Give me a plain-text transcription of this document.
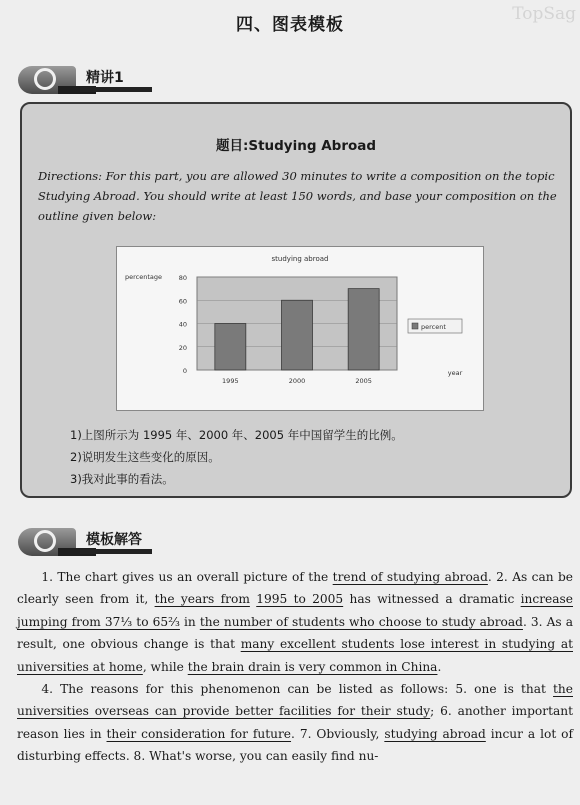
四、图表模板
TopSag
精讲1
题目:Studying Abroad
Directions: For this part, you are allowed 30 minutes to write a composition on the topic Studying Abroad. You should write at least 150 words, and base your composition on the outline given below:
0
20
40
60
80
studying abroad
percentage
year
1995	2000	2005
percent
1)上图所示为 1995 年、2000 年、2005 年中国留学生的比例。
2)说明发生这些变化的原因。
3)我对此事的看法。
模板解答

1. The chart gives us an overall picture of the trend of studying abroad. 2. As can be clearly seen from it, the years from 1995 to 2005 has witnessed a dramatic increase jumping from 37⅓ to 65⅔ in the number of students who choose to study abroad. 3. As a result, one obvious change is that many excellent students lose interest in studying at universities at home, while the brain drain is very common in China.

4. The reasons for this phenomenon can be listed as follows: 5. one is that the universities overseas can provide better facilities for their study; 6. another important reason lies in their consideration for future. 7. Obviously, studying abroad incur a lot of disturbing effects. 8. What's worse, you can easily find nu-
